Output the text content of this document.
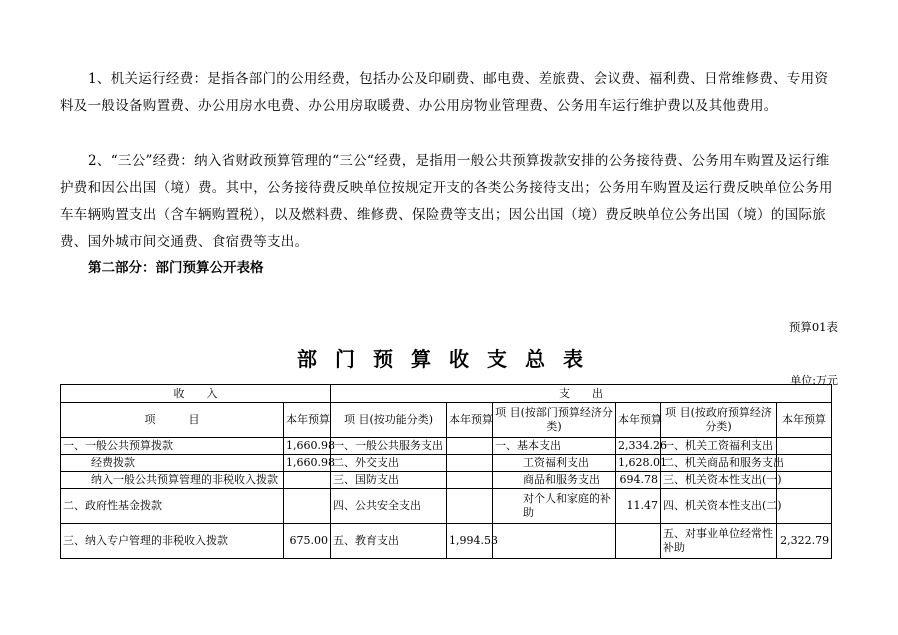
1、机关运行经费：是指各部门的公用经费，包括办公及印刷费、邮电费、差旅费、会议费、福利费、日常维修费、专用资料及一般设备购置费、办公用房水电费、办公用房取暖费、办公用房物业管理费、公务用车运行维护费以及其他费用。
2、“三公”经费：纳入省财政预算管理的“三公“经费，是指用一般公共预算拨款安排的公务接待费、公务用车购置及运行维护费和因公出国（境）费。其中，公务接待费反映单位按规定开支的各类公务接待支出；公务用车购置及运行费反映单位公务用车车辆购置支出（含车辆购置税），以及燃料费、维修费、保险费等支出；因公出国（境）费反映单位公务出国（境）的国际旅费、国外城市间交通费、食宿费等支出。
第二部分：部门预算公开表格
预算01表
部门预算收支总表
单位:万元
收　　入		支　　出					
项　　　目	本年预算	项 目(按功能分类)	本年预算	项 目(按部门预算经济分类)	本年预算	项 目(按政府预算经济分类)	本年预算
一、一般公共预算拨款	1,660.98	一、一般公共服务支出		一、基本支出	2,334.26	一、机关工资福利支出	
经费拨款	1,660.98	二、外交支出		工资福利支出	1,628.01	二、机关商品和服务支出	
纳入一般公共预算管理的非税收入拨款		三、国防支出		商品和服务支出	694.78	三、机关资本性支出(一)	
二、政府性基金拨款		四、公共安全支出		对个人和家庭的补助	11.47	四、机关资本性支出(二)	
三、纳入专户管理的非税收入拨款	675.00	五、教育支出	1,994.53			五、对事业单位经常性补助	2,322.79
